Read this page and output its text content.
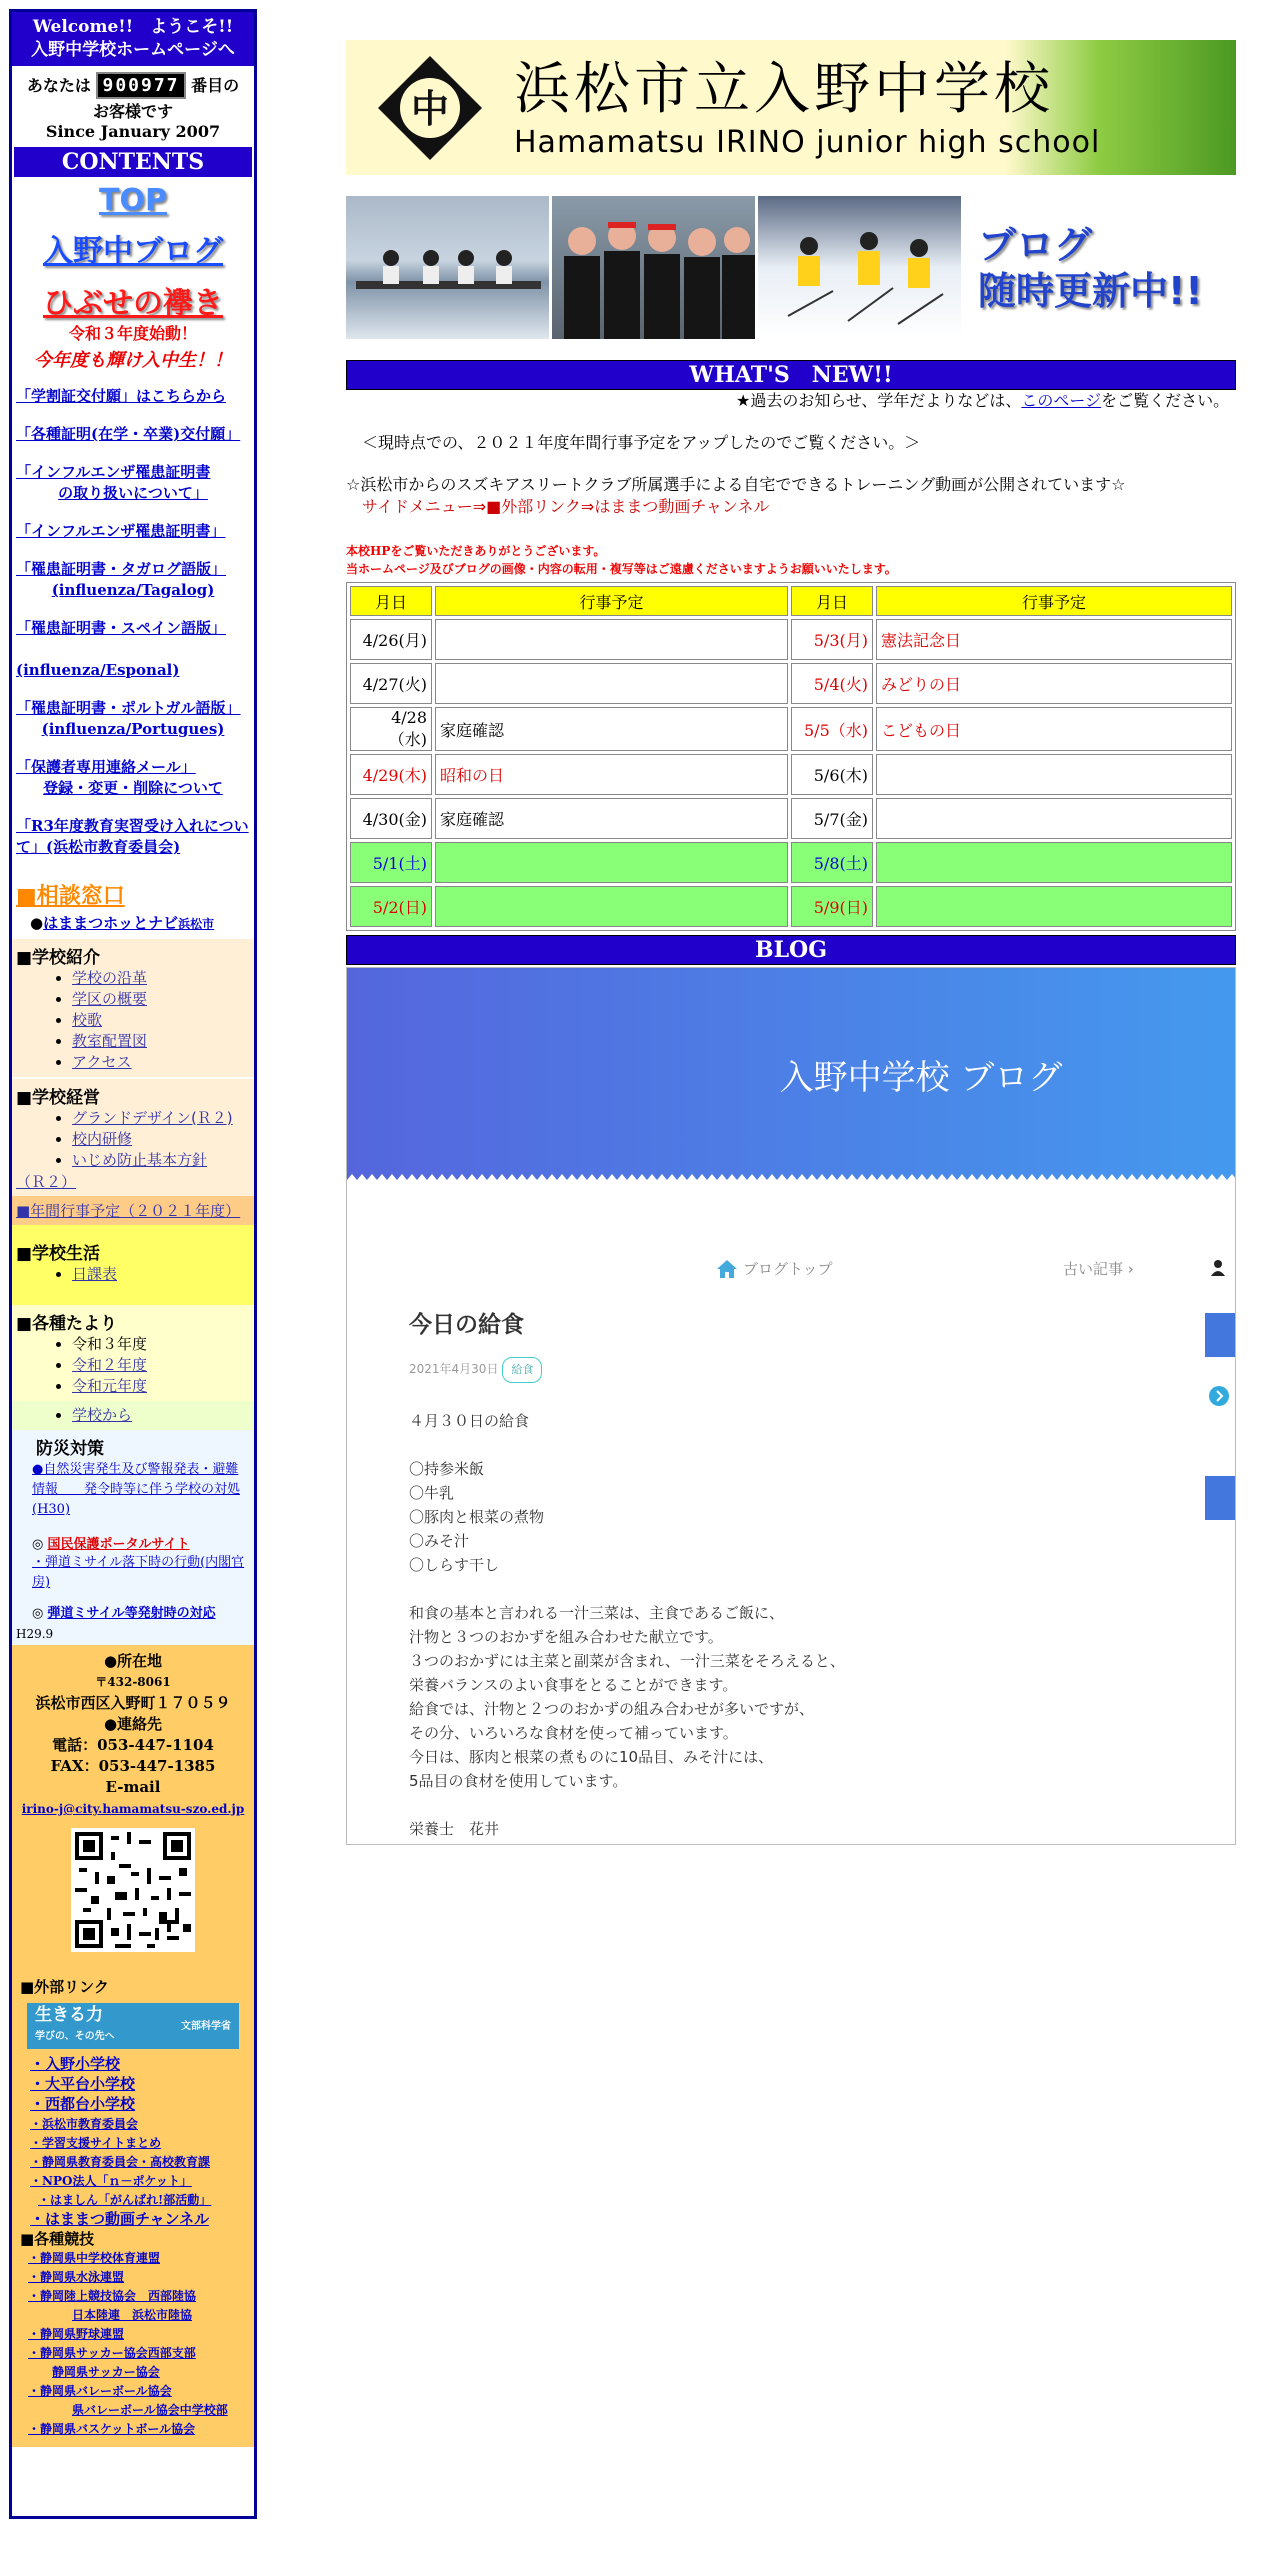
Welcome!!　ようこそ!!
入野中学校ホームページへ
あなたは 900977 番目の
お客様です
Since January 2007
CONTENTS
TOP
入野中ブログ
ひぶせの襷き
令和３年度始動！
今年度も輝け入中生！！
「学割証交付願」はこちらから
「各種証明(在学・卒業)交付願」
「インフルエンザ罹患証明書
の取り扱いについて」
「インフルエンザ罹患証明書」
「罹患証明書・タガログ語版」
(influenza/Tagalog)
「罹患証明書・スペイン語版」

(influenza/Esponal)
「罹患証明書・ポルトガル語版」
(influenza/Portugues)
「保護者専用連絡メール」
登録・変更・削除について
「R3年度教育実習受け入れについて」(浜松市教育委員会)
■相談窓口
●はままつホッとナビ浜松市
■学校紹介
• 学校の沿革
• 学区の概要
• 校歌
• 教室配置図
• アクセス
■学校経営
• グランドデザイン(Ｒ２)
• 校内研修
• いじめ防止基本方針
（Ｒ２）
■年間行事予定（２０２１年度）
■学校生活
• 日課表
■各種たより
• 令和３年度
• 令和２年度
• 令和元年度
• 学校から
防災対策
●自然災害発生及び警報発表・避難情報　　発令時等に伴う学校の対処(H30)
◎ 国民保護ポータルサイト
・弾道ミサイル落下時の行動(内閣官房)
◎ 弾道ミサイル等発射時の対応
H29.9
●所在地
〒432-8061
浜松市西区入野町１７０５９
●連絡先
電話：053-447-1104
FAX：053-447-1385
E-mail
irino-j@city.hamamatsu-szo.ed.jp
■外部リンク
生きる力
学びの、その先へ
文部科学省
・入野小学校
・大平台小学校
・西都台小学校
・浜松市教育委員会
・学習支援サイトまとめ
・静岡県教育委員会・高校教育課
・NPO法人「ｎ－ポケット」
・はましん「がんばれ!部活動」
・はままつ動画チャンネル
■各種競技
・静岡県中学校体育連盟
・静岡県水泳連盟
・静岡陸上競技協会　西部陸協
日本陸連　浜松市陸協
・静岡県野球連盟
・静岡県サッカー協会西部支部
静岡県サッカー協会
・静岡県バレーボール協会
県バレーボール協会中学校部
・静岡県バスケットボール協会
中 浜松市立入野中学校
Hamamatsu IRINO junior high school
ブログ
随時更新中!!
WHAT'S　NEW!!
★過去のお知らせ、学年だよりなどは、このページをご覧ください。

＜現時点での、２０２１年度年間行事予定をアップしたのでご覧ください。＞

☆浜松市からのスズキアスリートクラブ所属選手による自宅でできるトレーニング動画が公開されています☆

サイドメニュー⇒■外部リンク⇒はままつ動画チャンネル
本校HPをご覧いただきありがとうございます。
当ホームページ及びブログの画像・内容の転用・複写等はご遠慮くださいますようお願いいたします。
月日	行事予定	月日	行事予定
4/26(月)		5/3(月)	憲法記念日
4/27(火)		5/4(火)	みどりの日
4/28（水)	家庭確認	5/5（水)	こどもの日
4/29(木)	昭和の日	5/6(木)	
4/30(金)	家庭確認	5/7(金)	
5/1(土)		5/8(土)	
5/2(日)		5/9(日)	
BLOG
入野中学校 ブログ
ブログトップ	古い記事 ›
今日の給食
2021年4月30日 給食
４月３０日の給食
〇持参米飯
〇牛乳
〇豚肉と根菜の煮物
〇みそ汁
〇しらす干し
和食の基本と言われる一汁三菜は、主食であるご飯に、
汁物と３つのおかずを組み合わせた献立です。
３つのおかずには主菜と副菜が含まれ、一汁三菜をそろえると、
栄養バランスのよい食事をとることができます。
給食では、汁物と２つのおかずの組み合わせが多いですが、
その分、いろいろな食材を使って補っています。
今日は、豚肉と根菜の煮ものに10品目、みそ汁には、
5品目の食材を使用しています。
栄養士　花井
